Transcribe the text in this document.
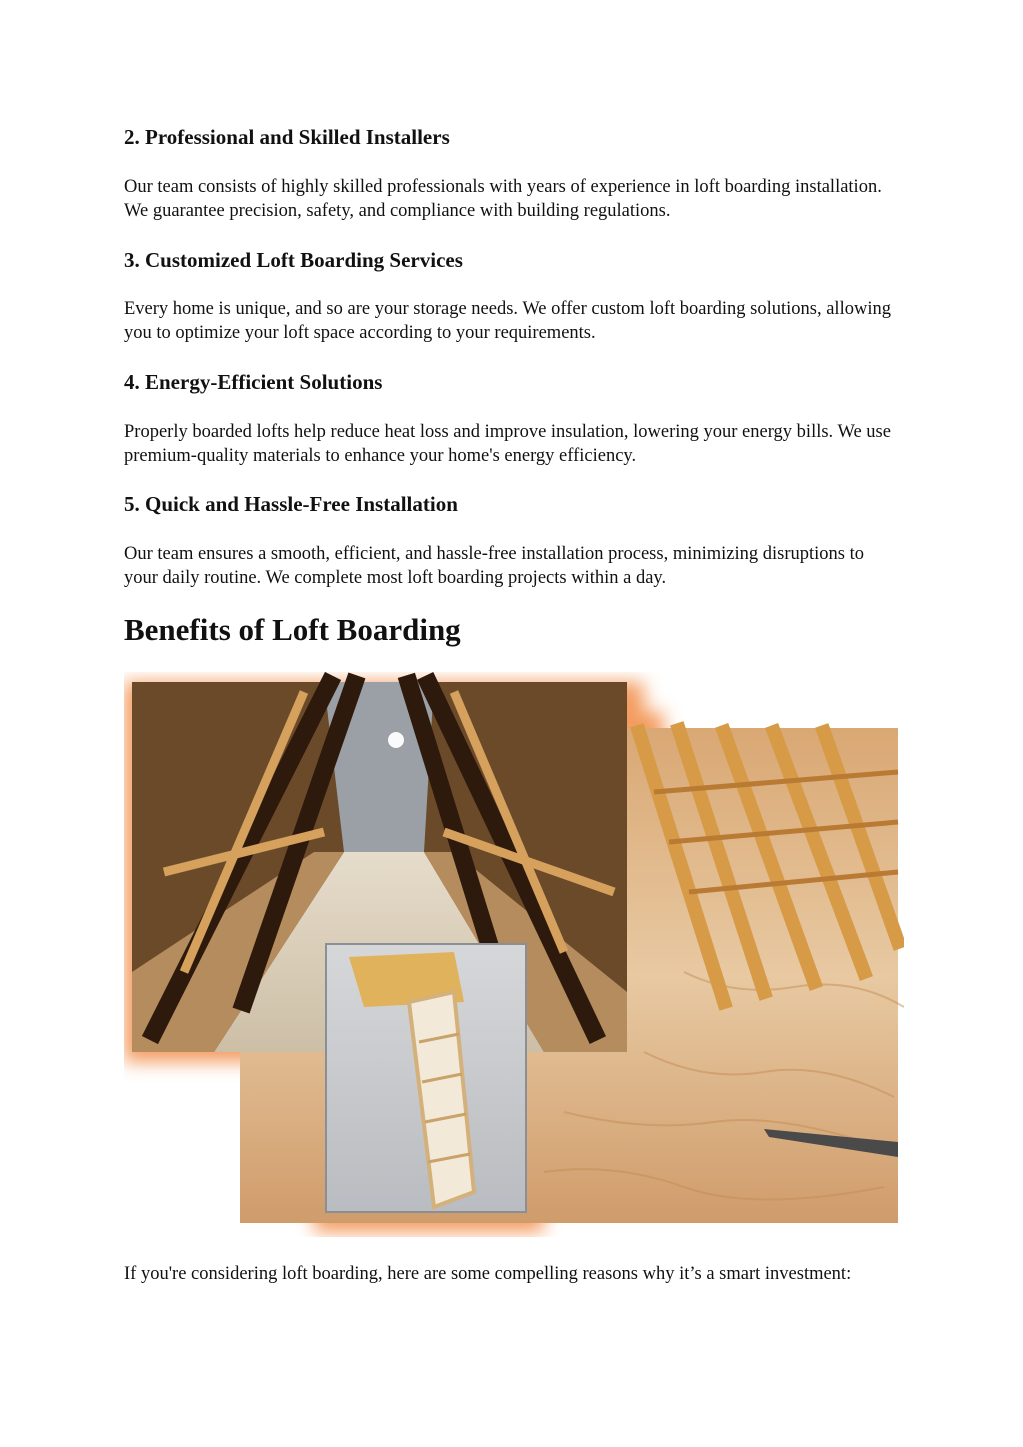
2. Professional and Skilled Installers

Our team consists of highly skilled professionals with years of experience in loft boarding installation. We guarantee precision, safety, and compliance with building regulations.

3. Customized Loft Boarding Services

Every home is unique, and so are your storage needs. We offer custom loft boarding solutions, allowing you to optimize your loft space according to your requirements.

4. Energy-Efficient Solutions

Properly boarded lofts help reduce heat loss and improve insulation, lowering your energy bills. We use premium-quality materials to enhance your home's energy efficiency.

5. Quick and Hassle-Free Installation

Our team ensures a smooth, efficient, and hassle-free installation process, minimizing disruptions to your daily routine. We complete most loft boarding projects within a day.

Benefits of Loft Boarding

If you're considering loft boarding, here are some compelling reasons why it’s a smart investment:
